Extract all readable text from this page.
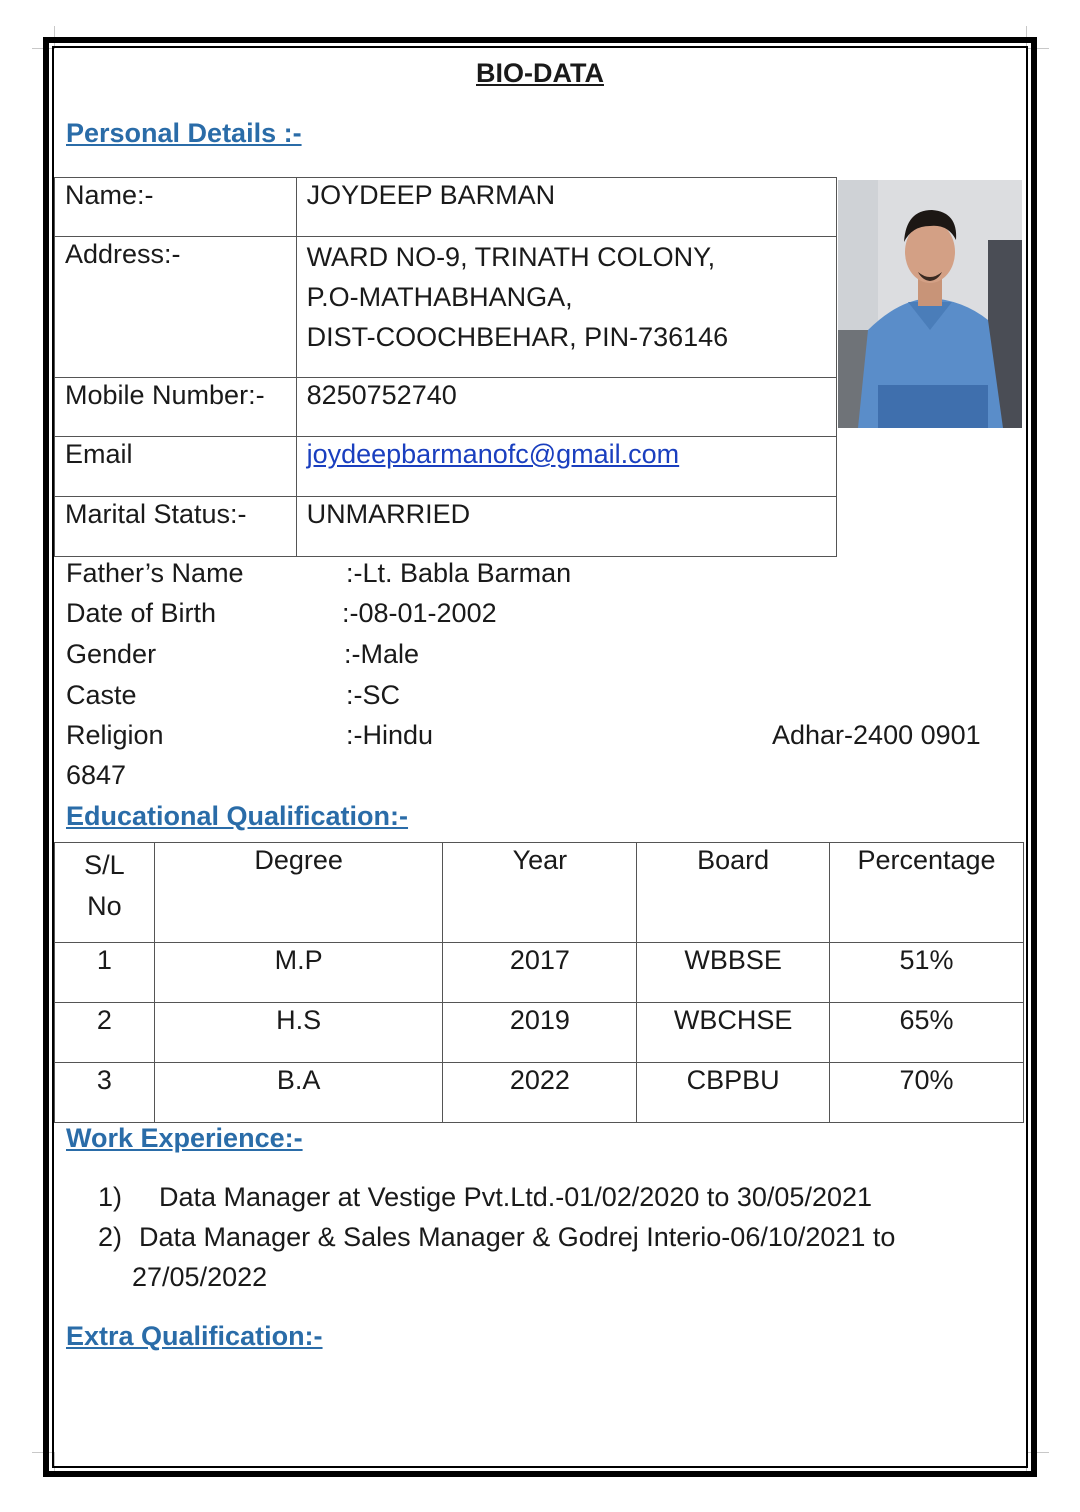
BIO-DATA
Personal Details :-
Name:-	JOYDEEP BARMAN
Address:-	WARD NO-9, TRINATH COLONY,
P.O-MATHABHANGA,
DIST-COOCHBEHAR, PIN-736146

Mobile Number:-	8250752740
Email	joydeepbarmanofc@gmail.com
Marital Status:-	UNMARRIED
Father’s Name	:-Lt. Babla Barman
Date of Birth	:-08-01-2002
Gender	:-Male
Caste	:-SC
Religion	:-Hindu	Adhar-2400 0901
6847
Educational Qualification:-
S/L
No	Degree	Year	Board	Percentage
1	M.P	2017	WBBSE	51%
2	H.S	2019	WBCHSE	65%
3	B.A	2022	CBPBU	70%
Work Experience:-
1) Data Manager at Vestige Pvt.Ltd.-01/02/2020 to 30/05/2021
2) Data Manager & Sales Manager & Godrej Interio-06/10/2021 to
27/05/2022
Extra Qualification:-
